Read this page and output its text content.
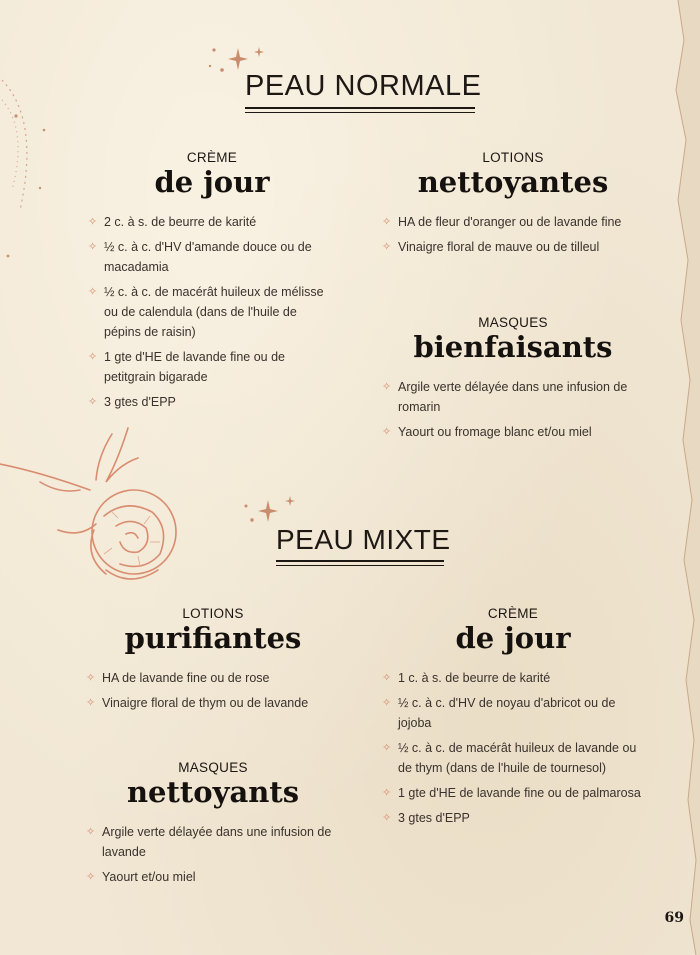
PEAU NORMALE
CRÈME
de jour
✧ 2 c. à s. de beurre de karité
✧ ½ c. à c. d'HV d'amande douce ou de macadamia
✧ ½ c. à c. de macérât huileux de mélisse ou de calendula (dans de l'huile de pépins de raisin)
✧ 1 gte d'HE de lavande fine ou de petitgrain bigarade
✧ 3 gtes d'EPP
LOTIONS
nettoyantes
✧ HA de fleur d'oranger ou de lavande fine
✧ Vinaigre floral de mauve ou de tilleul
MASQUES
bienfaisants
✧ Argile verte délayée dans une infusion de romarin
✧ Yaourt ou fromage blanc et/ou miel
PEAU MIXTE
LOTIONS
purifiantes
✧ HA de lavande fine ou de rose
✧ Vinaigre floral de thym ou de lavande
MASQUES
nettoyants
✧ Argile verte délayée dans une infusion de lavande
✧ Yaourt et/ou miel
CRÈME
de jour
✧ 1 c. à s. de beurre de karité
✧ ½ c. à c. d'HV de noyau d'abricot ou de jojoba
✧ ½ c. à c. de macérât huileux de lavande ou de thym (dans de l'huile de tournesol)
✧ 1 gte d'HE de lavande fine ou de palmarosa
✧ 3 gtes d'EPP
69
